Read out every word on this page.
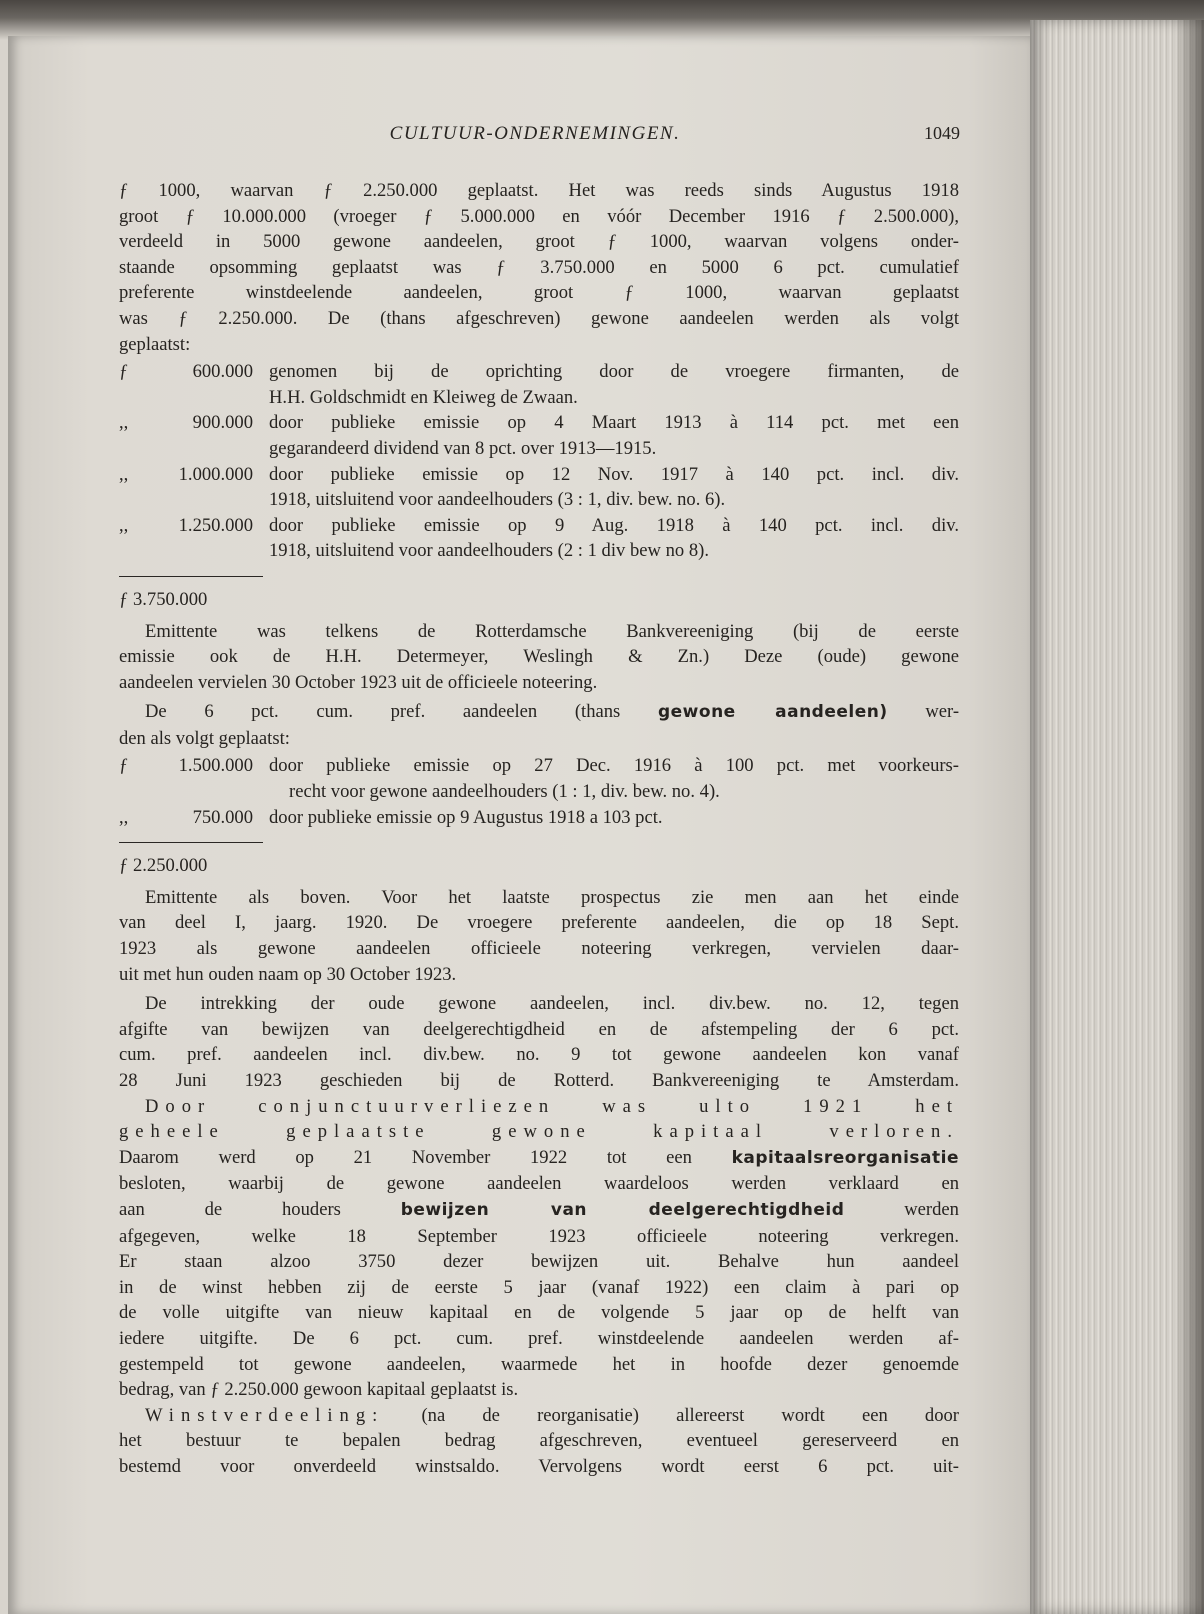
CULTUUR-ONDERNEMINGEN.	1049

ƒ 1000, waarvan ƒ 2.250.000 geplaatst. Het was reeds sinds Augustus 1918

groot ƒ 10.000.000 (vroeger ƒ 5.000.000 en vóór December 1916 ƒ 2.500.000),

verdeeld in 5000 gewone aandeelen, groot ƒ 1000, waarvan volgens onder-

staande opsomming geplaatst was ƒ 3.750.000 en 5000 6 pct. cumulatief

preferente winstdeelende aandeelen, groot ƒ 1000, waarvan geplaatst

was ƒ 2.250.000. De (thans afgeschreven) gewone aandeelen werden als volgt

geplaatst:

ƒ	600.000 genomen bij de oprichting door de vroegere firmanten, de
H.H. Goldschmidt en Kleiweg de Zwaan.
,,	900.000 door publieke emissie op 4 Maart 1913 à 114 pct. met een
gegarandeerd dividend van 8 pct. over 1913—1915.
,,	1.000.000 door publieke emissie op 12 Nov. 1917 à 140 pct. incl. div.
1918, uitsluitend voor aandeelhouders (3 : 1, div. bew. no. 6).
,,	1.250.000 door publieke emissie op 9 Aug. 1918 à 140 pct. incl. div.
1918, uitsluitend voor aandeelhouders (2 : 1 div bew no 8).
ƒ 3.750.000

Emittente was telkens de Rotterdamsche Bankvereeniging (bij de eerste

emissie ook de H.H. Determeyer, Weslingh & Zn.) Deze (oude) gewone

aandeelen vervielen 30 October 1923 uit de officieele noteering.

De 6 pct. cum. pref. aandeelen (thans gewone aandeelen) wer-

den als volgt geplaatst:

ƒ	1.500.000 door publieke emissie op 27 Dec. 1916 à 100 pct. met voorkeurs-
recht voor gewone aandeelhouders (1 : 1, div. bew. no. 4).
,,	750.000 door publieke emissie op 9 Augustus 1918 a 103 pct.
ƒ 2.250.000

Emittente als boven. Voor het laatste prospectus zie men aan het einde

van deel I, jaarg. 1920. De vroegere preferente aandeelen, die op 18 Sept.

1923 als gewone aandeelen officieele noteering verkregen, vervielen daar-

uit met hun ouden naam op 30 October 1923.

De intrekking der oude gewone aandeelen, incl. div.bew. no. 12, tegen

afgifte van bewijzen van deelgerechtigdheid en de afstempeling der 6 pct.

cum. pref. aandeelen incl. div.bew. no. 9 tot gewone aandeelen kon vanaf

28 Juni 1923 geschieden bij de Rotterd. Bankvereeniging te Amsterdam.

Door conjunctuurverliezen was ulto 1921 het

geheele geplaatste gewone kapitaal verloren.

Daarom werd op 21 November 1922 tot een kapitaalsreorganisatie

besloten, waarbij de gewone aandeelen waardeloos werden verklaard en

aan de houders	bewijzen van deelgerechtigdheid	werden

afgegeven, welke 18 September 1923 officieele noteering verkregen.

Er staan alzoo 3750 dezer bewijzen uit. Behalve hun aandeel

in de winst hebben zij de eerste 5 jaar (vanaf 1922) een claim à pari op

de volle uitgifte van nieuw kapitaal en de volgende 5 jaar op de helft van

iedere uitgifte. De 6 pct. cum. pref. winstdeelende aandeelen werden af-

gestempeld tot gewone aandeelen, waarmede het in hoofde dezer genoemde

bedrag, van ƒ 2.250.000 gewoon kapitaal geplaatst is.

Winstverdeeling: (na de reorganisatie) allereerst wordt een door

het bestuur te bepalen bedrag afgeschreven, eventueel gereserveerd en

bestemd voor onverdeeld winstsaldo. Vervolgens wordt eerst 6 pct. uit-
